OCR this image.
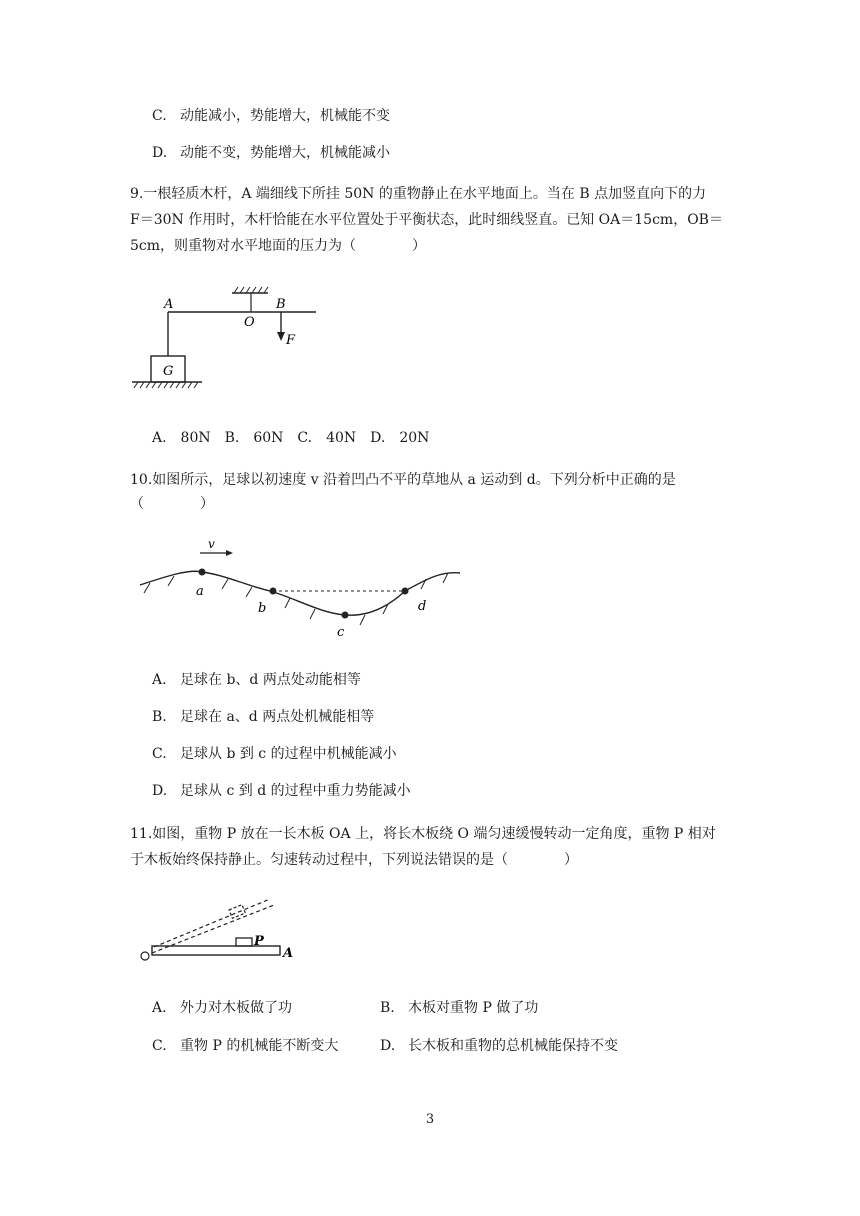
C. 动能减小，势能增大，机械能不变
D. 动能不变，势能增大，机械能减小
9.一根轻质木杆，A 端细线下所挂 50N 的重物静止在水平地面上。当在 B 点加竖直向下的力
F＝30N 作用时，木杆恰能在水平位置处于平衡状态，此时细线竖直。已知 OA＝15cm，OB＝
5cm，则重物对水平地面的压力为（　　　　）
A
O
B
F
G
A.　80N　B.　60N　C.　40N　D.　20N
10.如图所示，足球以初速度 v 沿着凹凸不平的草地从 a 运动到 d。下列分析中正确的是
（　　　　）
v
a
b
c
d
A. 足球在 b、d 两点处动能相等
B. 足球在 a、d 两点处机械能相等
C. 足球从 b 到 c 的过程中机械能减小
D. 足球从 c 到 d 的过程中重力势能减小
11.如图，重物 P 放在一长木板 OA 上，将长木板绕 O 端匀速缓慢转动一定角度，重物 P 相对
于木板始终保持静止。匀速转动过程中，下列说法错误的是（　　　　）
P
A
A. 外力对木板做了功	B. 木板对重物 P 做了功
C. 重物 P 的机械能不断变大	D. 长木板和重物的总机械能保持不变
3
